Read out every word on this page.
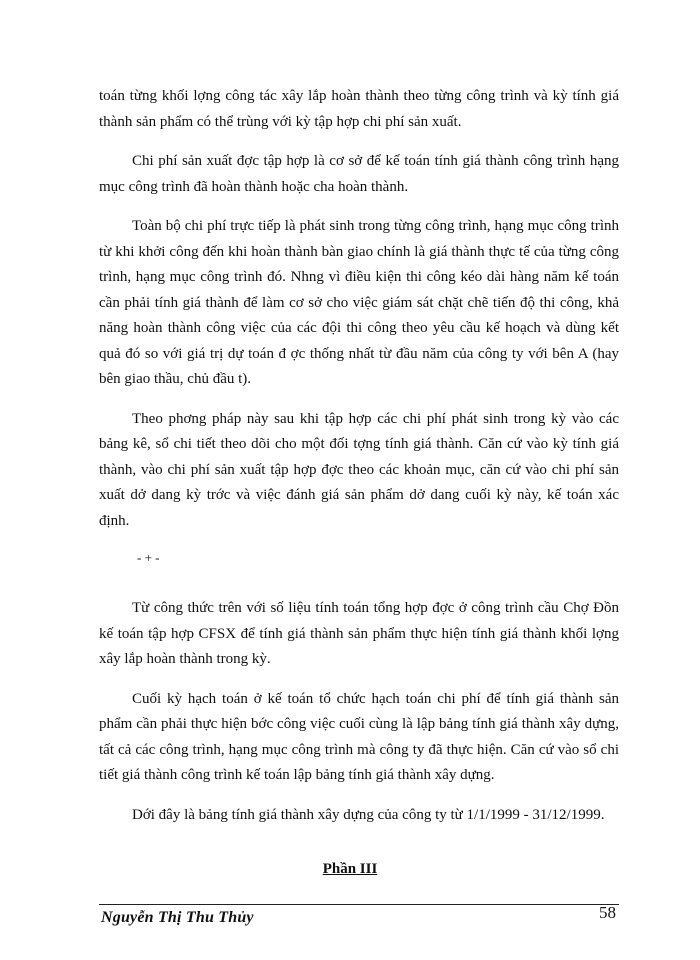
toán từng khối lợng công tác xây lắp hoàn thành theo từng công trình và kỳ tính giá thành sản phẩm có thể trùng với kỳ tập hợp chi phí sản xuất.

Chi phí sản xuất đợc tập hợp là cơ sở để kế toán tính giá thành công trình hạng mục công trình đã hoàn thành hoặc cha hoàn thành.

Toàn bộ chi phí trực tiếp là phát sinh trong từng công trình, hạng mục công trình từ khi khởi công đến khi hoàn thành bàn giao chính là giá thành thực tế của từng công trình, hạng mục công trình đó. Nhng vì điều kiện thi công kéo dài hàng năm kế toán cần phải tính giá thành để làm cơ sở cho việc giám sát chặt chẽ tiến độ thi công, khả năng hoàn thành công việc của các đội thi công theo yêu cầu kế hoạch và dùng kết quả đó so với giá trị dự toán đ ợc thống nhất từ đầu năm của công ty với bên A (hay bên giao thầu, chủ đầu t).

Theo phơng pháp này sau khi tập hợp các chi phí phát sinh trong kỳ vào các bảng kê, sổ chi tiết theo dõi cho một đối tợng tính giá thành. Căn cứ vào kỳ tính giá thành, vào chi phí sản xuất tập hợp đợc theo các khoản mục, căn cứ vào chi phí sản xuất dở dang kỳ trớc và việc đánh giá sản phẩm dở dang cuối kỳ này, kế toán xác định.

- + -

Từ công thức trên với số liệu tính toán tổng hợp đợc ở công trình cầu Chợ Đồn kế toán tập hợp CFSX để tính giá thành sản phẩm thực hiện tính giá thành khối lợng xây lắp hoàn thành trong kỳ.

Cuối kỳ hạch toán ở kế toán tổ chức hạch toán chi phí để tính giá thành sản phẩm cần phải thực hiện bớc công việc cuối cùng là lập bảng tính giá thành xây dựng, tất cả các công trình, hạng mục công trình mà công ty đã thực hiện. Căn cứ vào sổ chi tiết giá thành công trình kế toán lập bảng tính giá thành xây dựng.

Dới đây là bảng tính giá thành xây dựng của công ty từ 1/1/1999 - 31/12/1999.

Phần III
Nguyễn Thị Thu Thủy	58
